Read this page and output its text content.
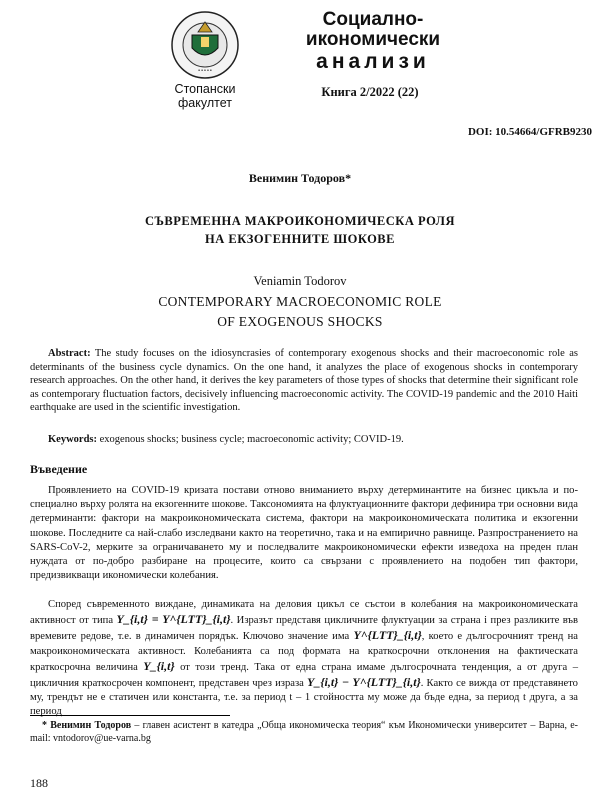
•••••
Стопански
факултет
Социално-
икономически
анализи
Книга 2/2022 (22)
DOI: 10.54664/GFRB9230
Венимин Тодоров*
СЪВРЕМЕННА МАКРОИКОНОМИЧЕСКА РОЛЯ
НА ЕКЗОГЕННИТЕ ШОКОВЕ
Veniamin Todorov
CONTEMPORARY MACROECONOMIC ROLE
OF EXOGENOUS SHOCKS
Abstract: The study focuses on the idiosyncrasies of contemporary exogenous shocks and their macroeconomic role as determinants of the business cycle dynamics. On the one hand, it analyzes the place of exogenous shocks in contemporary research approaches. On the other hand, it derives the key parameters of those types of shocks that determine their significant role as contemporary fluctuation factors, decisively influencing macroeconomic activity. The COVID-19 pandemic and the 2010 Haiti earthquake are used in the scientific investigation.
Keywords: exogenous shocks; business cycle; macroeconomic activity; COVID-19.
Въведение
Проявлението на COVID-19 кризата постави отново вниманието върху детерминантите на бизнес цикъла и по-специално върху ролята на екзогенните шокове. Таксономията на флуктуационните фактори дефинира три основни вида детерминанти: фактори на макроикономическата система, фактори на макроикономическата политика и екзогенни шокове. Последните са най-слабо изследвани както на теоретично, така и на емпирично равнище. Разпространението на SARS-CoV-2, мерките за ограничаването му и последвалите макроикономически ефекти изведоха на преден план нуждата от по-добро разбиране на процесите, които са свързани с проявлението на подобен тип фактори, предизвикващи икономически колебания.
Според съвременното виждане, динамиката на деловия цикъл се състои в колебания на макроикономическата активност от типа Y_{i,t} = Y^{LTT}_{i,t}. Изразът представя цикличните флуктуации за страна i през разликите във времевите редове, т.е. в динамичен порядък. Ключово значение има Y^{LTT}_{i,t}, което е дългосрочният тренд на макроикономическата активност. Колебанията са под формата на краткосрочни отклонения на фактическата краткосрочна величина Y_{i,t} от този тренд. Така от една страна имаме дългосрочната тенденция, а от друга – цикличния краткосрочен компонент, представен чрез израза Y_{i,t} − Y^{LTT}_{i,t}. Както се вижда от представянето му, трендът не е статичен или константа, т.е. за период t – 1 стойността му може да бъде една, за период t друга, а за период
* Венимин Тодоров – главен асистент в катедра „Обща икономическа теория“ към Икономически университет – Варна, e-mail: vntodorov@ue-varna.bg
188
